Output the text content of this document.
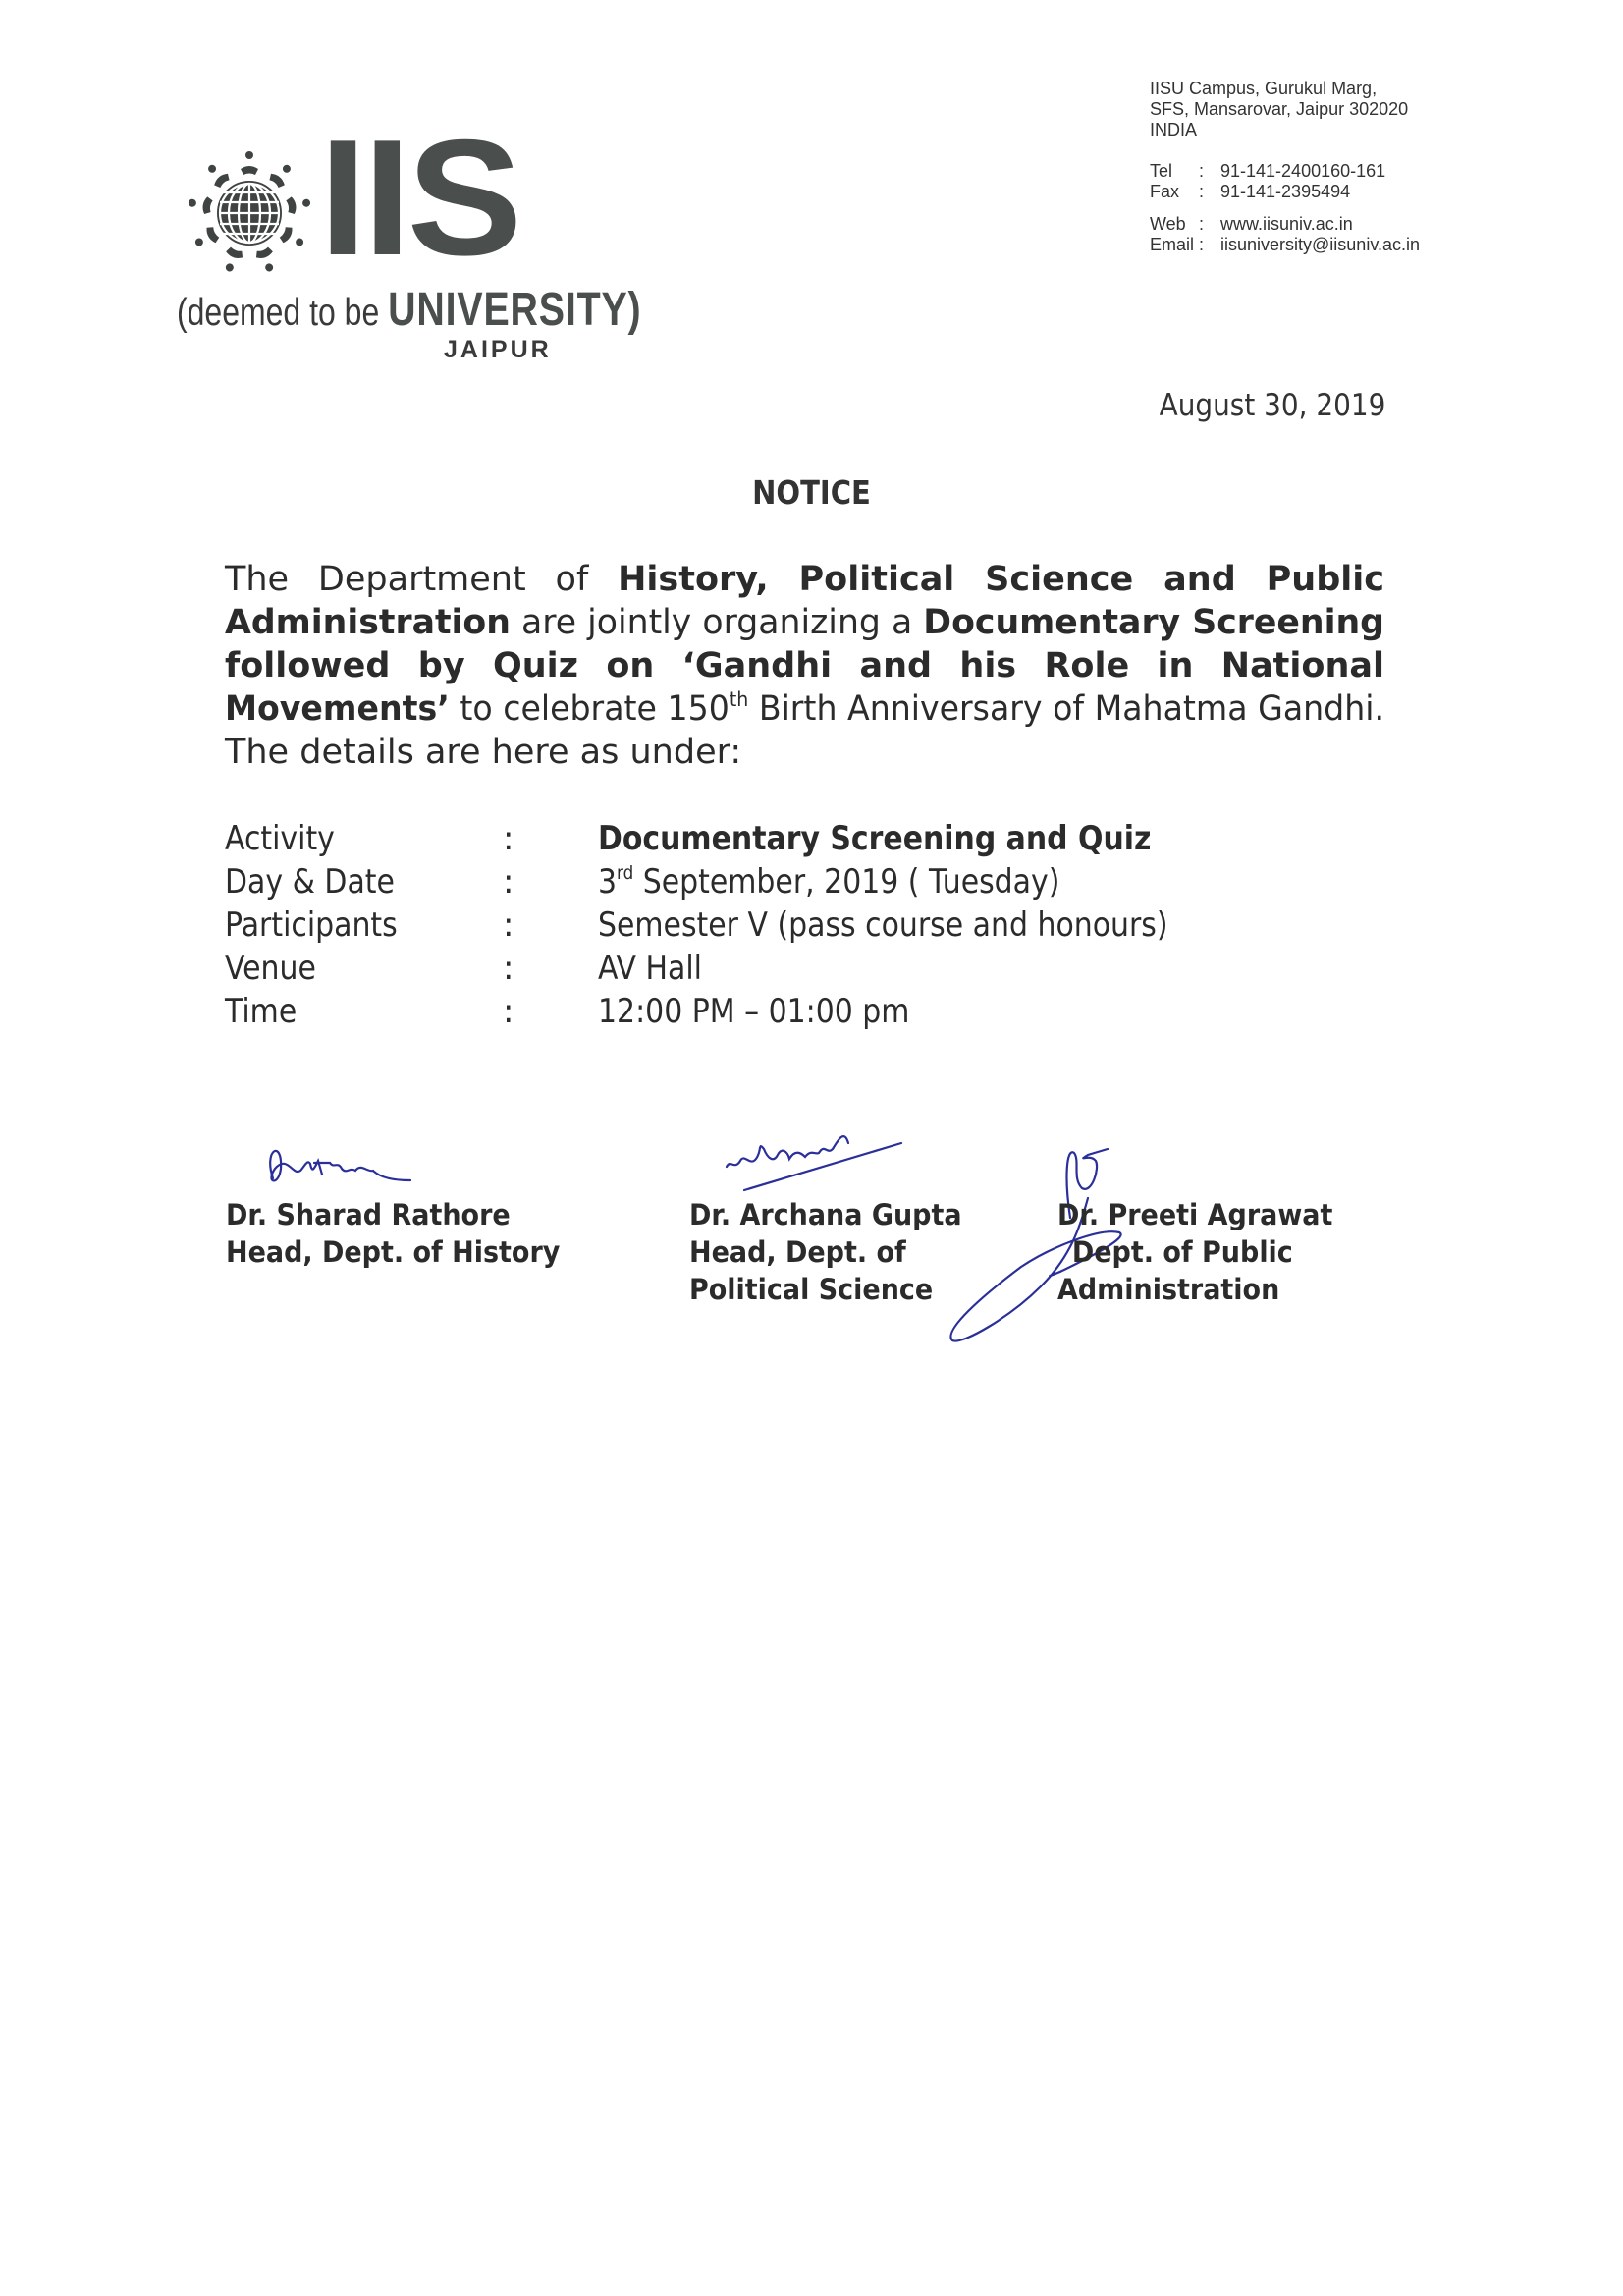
IIS
(deemed to be UNIVERSITY)
JAIPUR
IISU Campus, Gurukul Marg,
SFS, Mansarovar, Jaipur 302020
INDIA
Tel	: 91-141-2400160-161
Fax	: 91-141-2395494
Web : www.iisuniv.ac.in
Email : iisuniversity@iisuniv.ac.in
August 30, 2019
NOTICE
The Department of History, Political Science and Public
Administration are jointly organizing a Documentary Screening
followed by Quiz on ‘Gandhi and his Role in National
Movements’ to celebrate 150th Birth Anniversary of Mahatma Gandhi.
The details are here as under:
Activity	:	Documentary Screening and Quiz
Day & Date	:	3rd September, 2019 ( Tuesday)
Participants	:	Semester V (pass course and honours)
Venue	:	AV Hall
Time	:	12:00 PM – 01:00 pm
Dr. Sharad Rathore
Head, Dept. of History
Dr. Archana Gupta
Head, Dept. of
Political Science
Dr. Preeti Agrawat
Dept. of Public
Administration
